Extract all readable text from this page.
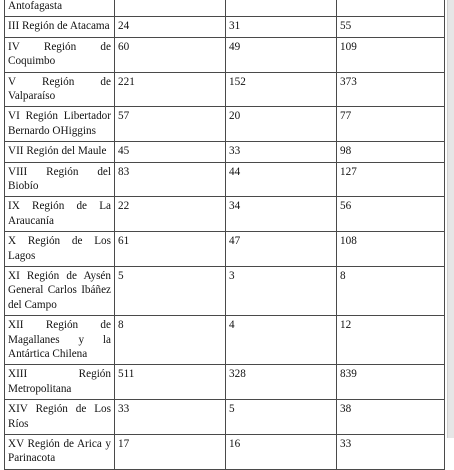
Antofagasta			
III Región de Atacama	24	31	55
IV Región de Coquimbo	60	49	109
V Región de Valparaíso	221	152	373
VI Región Libertador Bernardo OHiggins	57	20	77
VII Región del Maule	45	33	98
VIII Región del Biobío	83	44	127
IX Región de La Araucanía	22	34	56
X Región de Los Lagos	61	47	108
XI Región de Aysén General Carlos Ibáñez del Campo	5	3	8
XII Región de Magallanes y la Antártica Chilena	8	4	12
XIII Región Metropolitana	511	328	839
XIV Región de Los Ríos	33	5	38
XV Región de Arica y Parinacota	17	16	33
